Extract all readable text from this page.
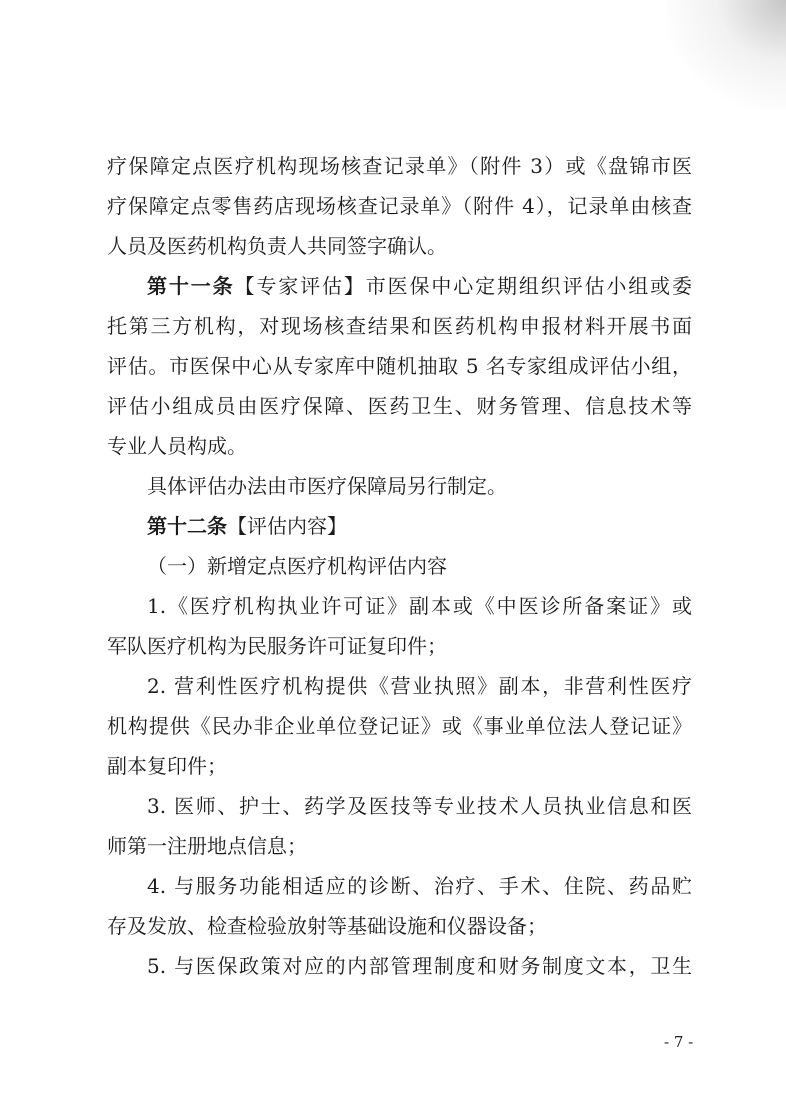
疗保障定点医疗机构现场核查记录单》（附件 3）或《盘锦市医
疗保障定点零售药店现场核查记录单》（附件 4），记录单由核查
人员及医药机构负责人共同签字确认。
第十一条【专家评估】市医保中心定期组织评估小组或委
托第三方机构，对现场核查结果和医药机构申报材料开展书面
评估。市医保中心从专家库中随机抽取 5 名专家组成评估小组，
评估小组成员由医疗保障、医药卫生、财务管理、信息技术等
专业人员构成。
具体评估办法由市医疗保障局另行制定。
第十二条【评估内容】
（一）新增定点医疗机构评估内容
1.《医疗机构执业许可证》副本或《中医诊所备案证》或
军队医疗机构为民服务许可证复印件；
2. 营利性医疗机构提供《营业执照》副本，非营利性医疗
机构提供《民办非企业单位登记证》或《事业单位法人登记证》
副本复印件；
3. 医师、护士、药学及医技等专业技术人员执业信息和医
师第一注册地点信息；
4. 与服务功能相适应的诊断、治疗、手术、住院、药品贮
存及发放、检查检验放射等基础设施和仪器设备；
5. 与医保政策对应的内部管理制度和财务制度文本，卫生
- 7 -
